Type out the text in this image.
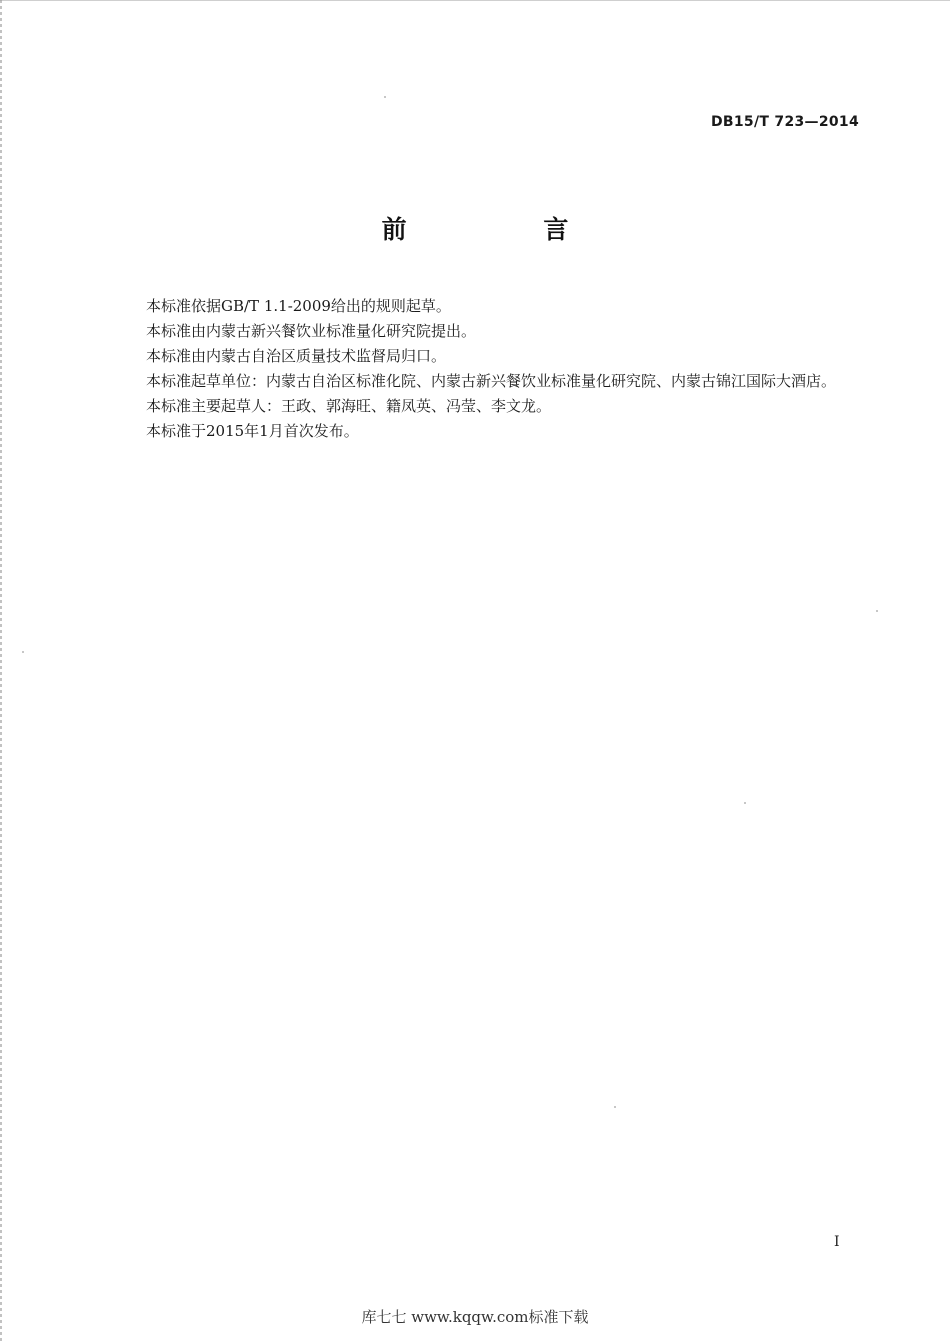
DB15/T 723—2014
前 言

本标准依据GB/T 1.1-2009给出的规则起草。

本标准由内蒙古新兴餐饮业标准量化研究院提出。

本标准由内蒙古自治区质量技术监督局归口。

本标准起草单位：内蒙古自治区标准化院、内蒙古新兴餐饮业标准量化研究院、内蒙古锦江国际大酒店。

本标准主要起草人：王政、郭海旺、籍凤英、冯莹、李文龙。

本标准于2015年1月首次发布。

I
库七七 www.kqqw.com标准下载
